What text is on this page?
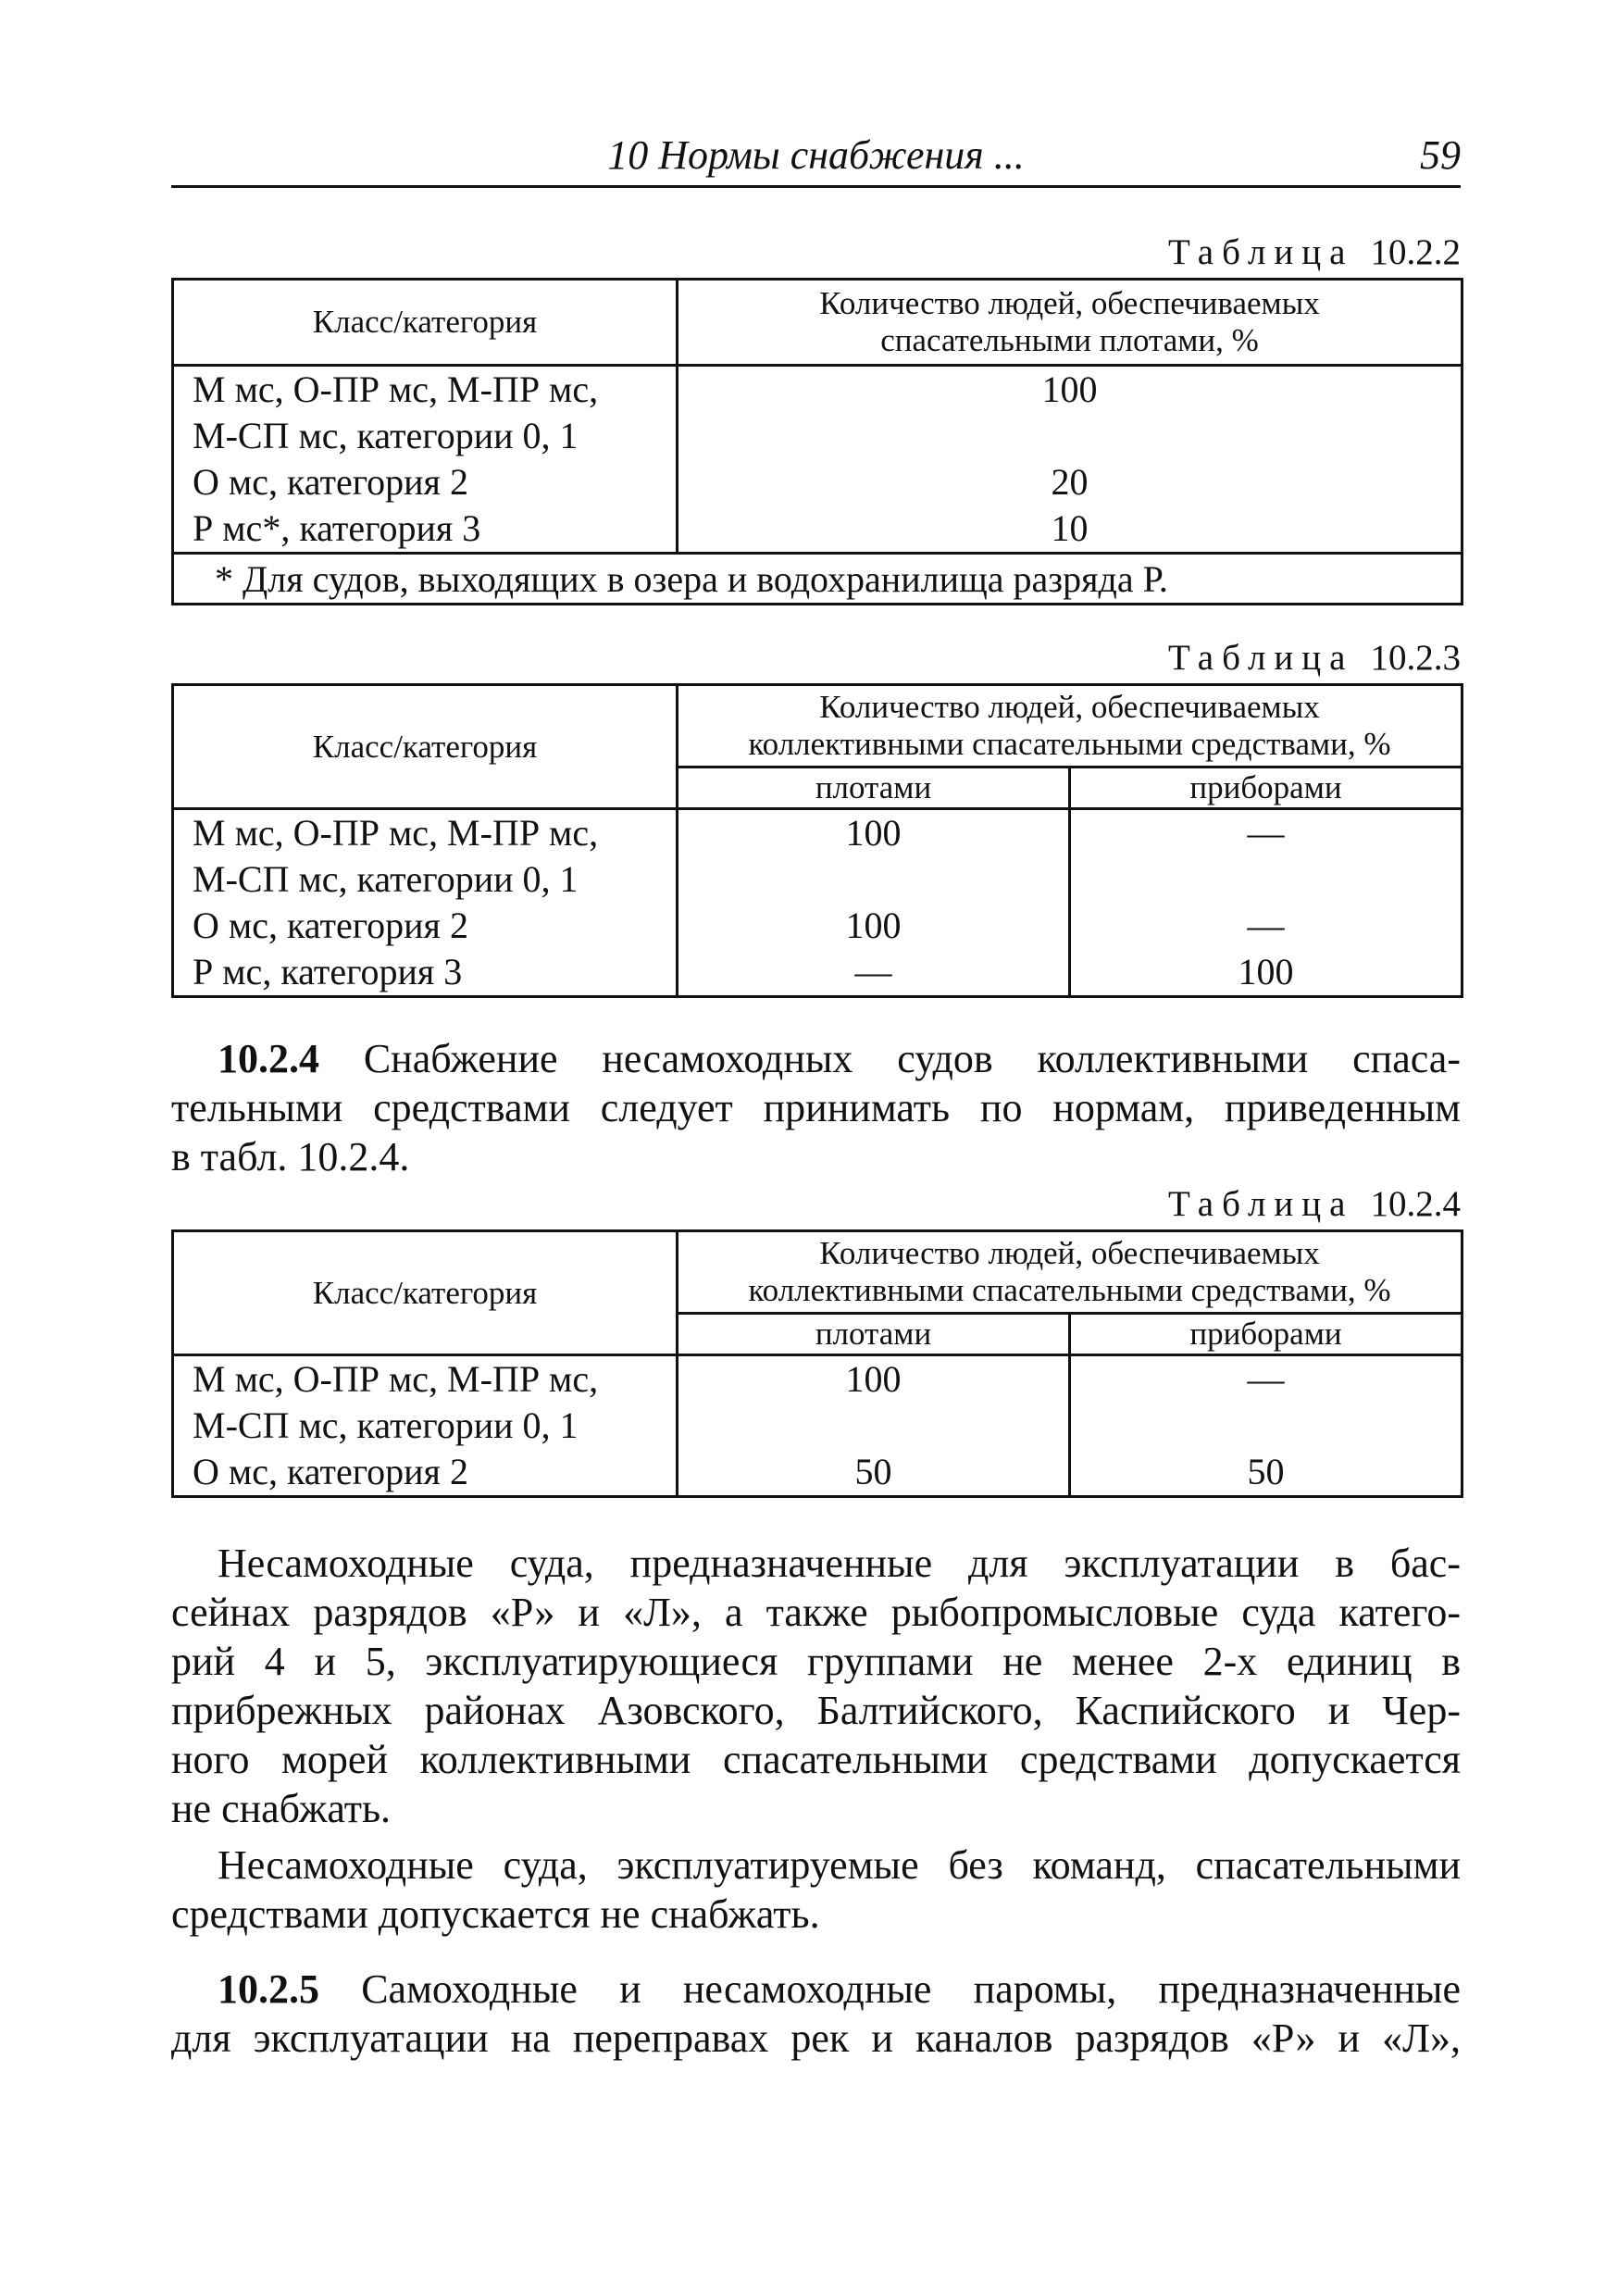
10 Нормы снабжения ...	59
Таблица 10.2.2
Класс/категория	Количество людей, обеспечиваемых
спасательными плотами, %

М мс, О-ПР мс, М-ПР мс,
М-СП мс, категории 0, 1	100

О мс, категория 2	20

Р мс*, категория 3	10

* Для судов, выходящих в озера и водохранилища разряда Р.	
Таблица 10.2.3
Класс/категория	Количество людей, обеспечиваемых
коллективными спасательными средствами, %	
	плотами	приборами

М мс, О-ПР мс, М-ПР мс,
М-СП мс, категории 0, 1	100	—

О мс, категория 2	100	—

Р мс, категория 3	—	100
10.2.4 Снабжение несамоходных судов коллективными спаса-
тельными средствами следует принимать по нормам, приведенным
в табл. 10.2.4.
Таблица 10.2.4
Класс/категория	Количество людей, обеспечиваемых
коллективными спасательными средствами, %	
	плотами	приборами

М мс, О-ПР мс, М-ПР мс,
М-СП мс, категории 0, 1	100	—

О мс, категория 2	50	50
Несамоходные суда, предназначенные для эксплуатации в бас-
сейнах разрядов «Р» и «Л», а также рыбопромысловые суда катего-
рий 4 и 5, эксплуатирующиеся группами не менее 2-х единиц в
прибрежных районах Азовского, Балтийского, Каспийского и Чер-
ного морей коллективными спасательными средствами допускается
не снабжать.
Несамоходные суда, эксплуатируемые без команд, спасательными
средствами допускается не снабжать.
10.2.5 Самоходные и несамоходные паромы, предназначенные
для эксплуатации на переправах рек и каналов разрядов «Р» и «Л»,
